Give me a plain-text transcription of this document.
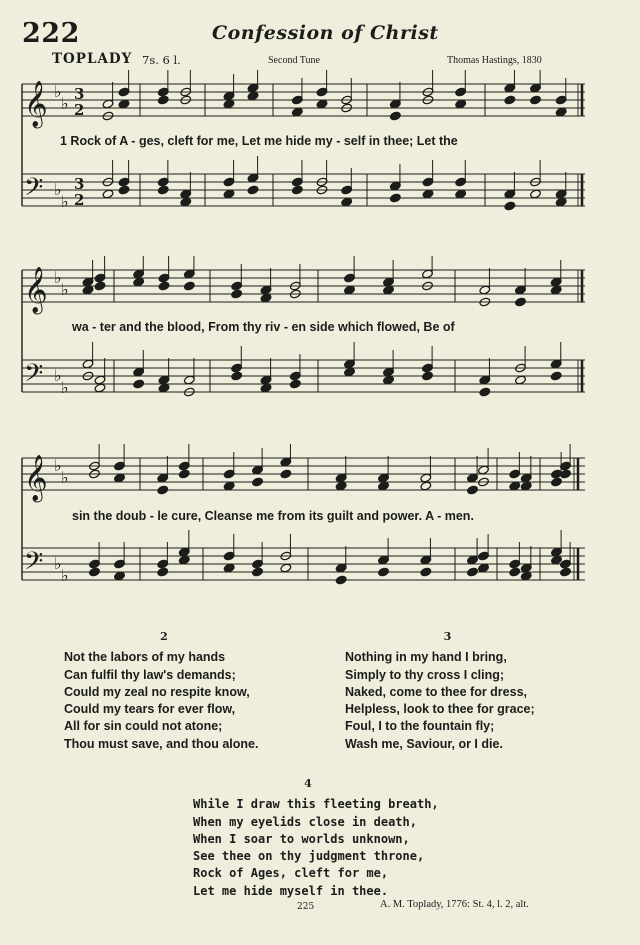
222	Confession of Christ
TOPLADY 7s. 6 l.	Second Tune	Thomas Hastings, 1830
𝄞
𝄢
♭
♭
♭
♭
3
2
3
2
1 Rock of A - ges, cleft for me, Let me hide my - self in thee; Let the
𝄞
𝄢
♭
♭
♭
♭
wa - ter and the blood, From thy riv - en side which flowed, Be of
𝄞
𝄢
♭
♭
♭
♭
sin the doub - le cure, Cleanse me from its guilt and power. A - men.
2
Not the labors of my hands
Can fulfil thy law's demands;
Could my zeal no respite know,
Could my tears for ever flow,
All for sin could not atone;
Thou must save, and thou alone.
3
Nothing in my hand I bring,
Simply to thy cross I cling;
Naked, come to thee for dress,
Helpless, look to thee for grace;
Foul, I to the fountain fly;
Wash me, Saviour, or I die.
4
While I draw this fleeting breath,
When my eyelids close in death,
When I soar to worlds unknown,
See thee on thy judgment throne,
Rock of Ages, cleft for me,
Let me hide myself in thee.
225	A. M. Toplady, 1776: St. 4, l. 2, alt.
